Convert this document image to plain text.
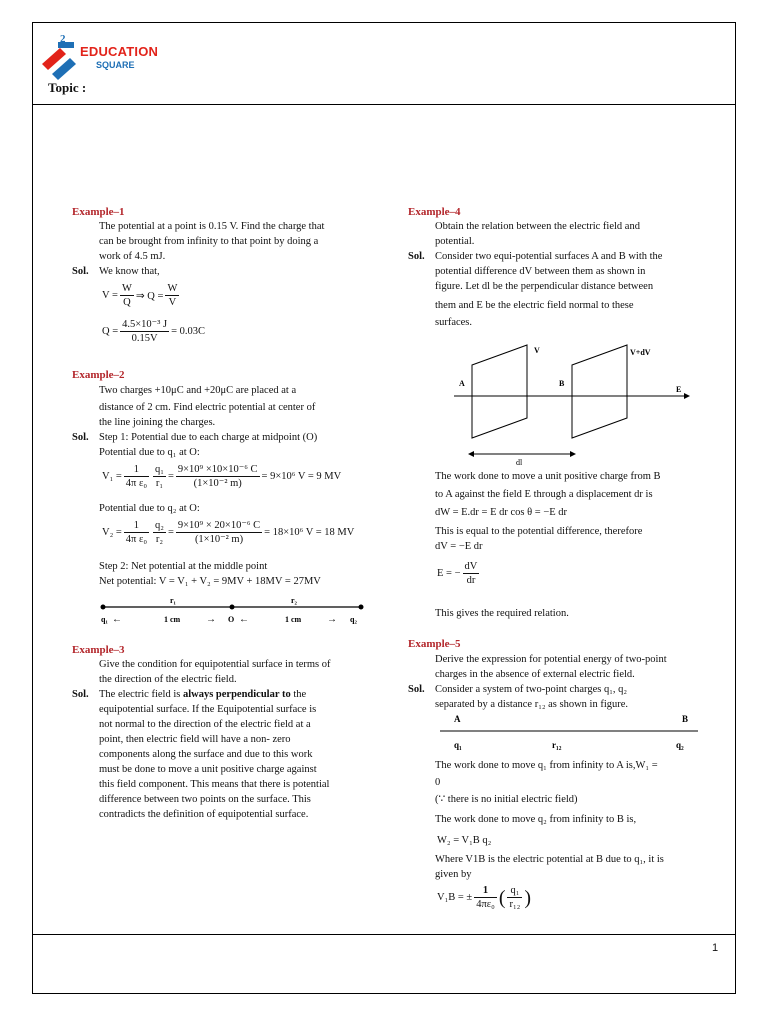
2
EDUCATION
SQUARE
Topic :
Example–1
The potential at a point is 0.15 V. Find the charge that
can be brought from infinity to that point by doing a
work of 4.5 mJ.
Sol. We know that,
$V = \frac{W}{Q}$ ⇒ $Q = \frac{W}{V}$
$Q = \frac{\text{4.5×10⁻³ J}}{0.15V} = 0.03C$
Example–2
Two charges +10μC and +20μC are placed at a
distance of 2 cm. Find electric potential at center of
the line joining the charges.
Sol. Step 1: Potential due to each charge at midpoint (O)
Potential due to q₁ at O:
$V_1 = \frac{1}{\text{4π ε₀}} \frac{\text{q₁}}{\text{r₁}} = \frac{\text{9×10⁹ ×10×10⁻⁶ C}}{\text{(1×10⁻² m)}} = 9\times 10^6$ V = 9 MV
Potential due to q₂ at O:
$V_2 = \frac{1}{\text{4π ε₀}} \frac{\text{q₂}}{\text{r₂}} = \frac{\text{9×10⁹ × 20×10⁻⁶ C}}{\text{(1×10⁻² m)}} = 18\times 10^6$ V = 18 MV
Step 2: Net potential at the middle point
Net potential: V = V₁ + V₂ = 9MV + 18MV = 27MV
r₁	r₂
q₁ ←	1 cm	→ O ←	1 cm	→ q₂
Example–3
Give the condition for equipotential surface in terms of
the direction of the electric field.
Sol. The electric field is always perpendicular to the
equipotential surface. If the Equipotential surface is
not normal to the direction of the electric field at a
point, then electric field will have a non- zero
components along the surface and due to this work
must be done to move a unit positive charge against
this field component. This means that there is potential
difference between two points on the surface. This
contradicts the definition of equipotential surface.
Example–4
Obtain the relation between the electric field and
potential.
Sol. Consider two equi-potential surfaces A and B with the
potential difference dV between them as shown in
figure. Let dl be the perpendicular distance between
them and E be the electric field normal to these
surfaces.
V	V+dV
A	B
E
dl
The work done to move a unit positive charge from B
to A against the field E through a displacement dr is
dW = E.dr = E dr cos θ = −E dr
This is equal to the potential difference, therefore
dV = −E dr
E = − $\frac{dV}{dr}$
This gives the required relation.
Example–5
Derive the expression for potential energy of two-point
charges in the absence of external electric field.
Sol. Consider a system of two-point charges q₁, q₂
separated by a distance r₁₂ as shown in figure.
A	B
q₁	r₁₂	q₂
The work done to move q₁ from infinity to A is,W₁ =
0
(∵ there is no initial electric field)
The work done to move q₂ from infinity to B is,
W₂ = V₁B q₂
Where V1B is the electric potential at B due to q₁, it is
given by
V₁B = ± $\frac{1}{\text{4πε₀}}$ ( $\frac{\text{q₁}}{\text{r₁₂}}$ )
1
